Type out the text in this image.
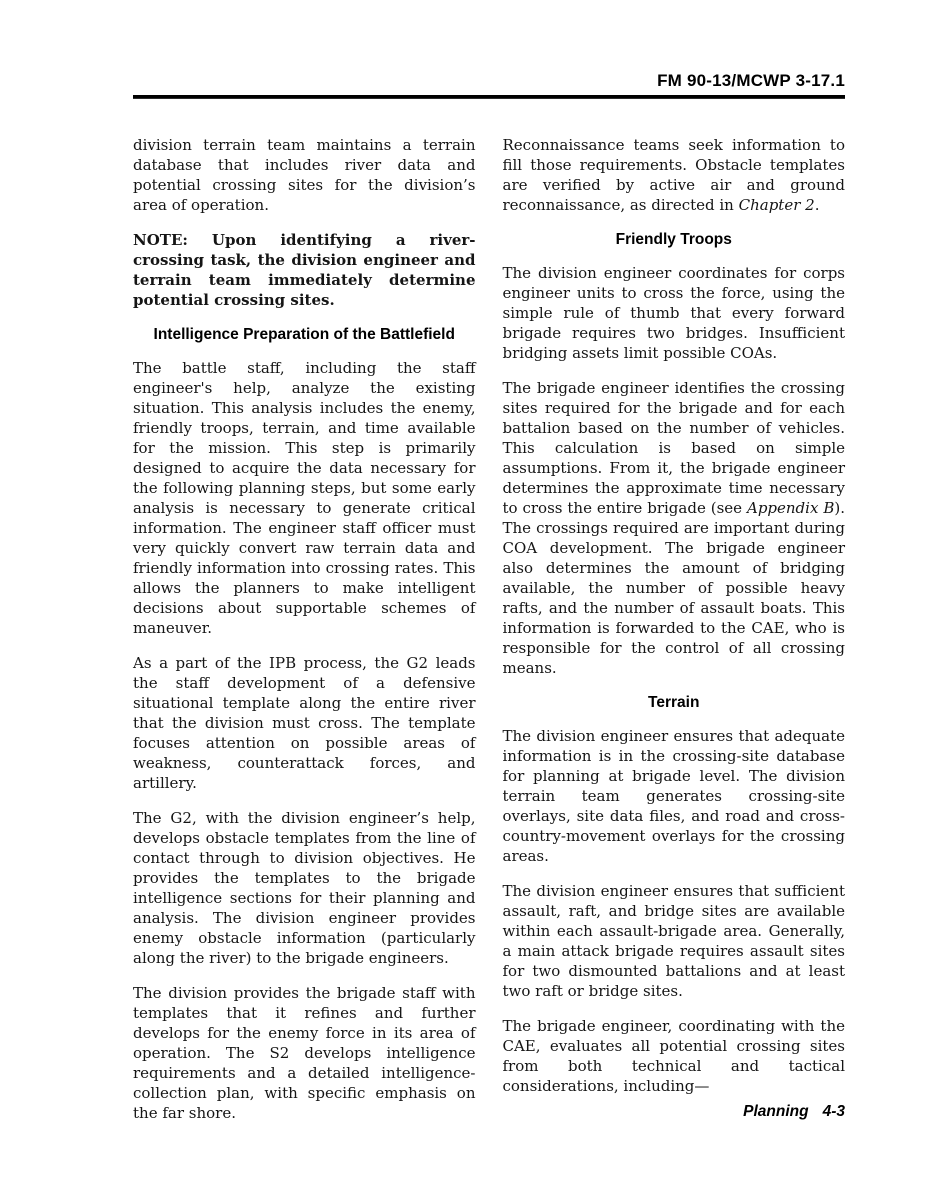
FM 90-13/MCWP 3-17.1

division terrain team maintains a terrain database that includes river data and potential crossing sites for the division’s area of operation.

NOTE: Upon identifying a river-crossing task, the division engineer and terrain team immediately determine potential crossing sites.

Intelligence Preparation of the Battlefield

The battle staff, including the staff engineer's help, analyze the existing situation. This analysis includes the enemy, friendly troops, terrain, and time available for the mission. This step is primarily designed to acquire the data necessary for the following planning steps, but some early analysis is necessary to generate critical information. The engineer staff officer must very quickly convert raw terrain data and friendly information into crossing rates. This allows the planners to make intelligent decisions about supportable schemes of maneuver.

As a part of the IPB process, the G2 leads the staff development of a defensive situational template along the entire river that the division must cross. The template focuses attention on possible areas of weakness, counterattack forces, and artillery.

The G2, with the division engineer’s help, develops obstacle templates from the line of contact through to division objectives. He provides the templates to the brigade intelligence sections for their planning and analysis. The division engineer provides enemy obstacle information (particularly along the river) to the brigade engineers.

The division provides the brigade staff with templates that it refines and further develops for the enemy force in its area of operation. The S2 develops intelligence requirements and a detailed intelligence-collection plan, with specific emphasis on the far shore.

Reconnaissance teams seek information to fill those requirements. Obstacle templates are verified by active air and ground reconnaissance, as directed in Chapter 2.

Friendly Troops

The division engineer coordinates for corps engineer units to cross the force, using the simple rule of thumb that every forward brigade requires two bridges. Insufficient bridging assets limit possible COAs.

The brigade engineer identifies the crossing sites required for the brigade and for each battalion based on the number of vehicles. This calculation is based on simple assumptions. From it, the brigade engineer determines the approximate time necessary to cross the entire brigade (see Appendix B). The crossings required are important during COA development. The brigade engineer also determines the amount of bridging available, the number of possible heavy rafts, and the number of assault boats. This information is forwarded to the CAE, who is responsible for the control of all crossing means.

Terrain

The division engineer ensures that adequate information is in the crossing-site database for planning at brigade level. The division terrain team generates crossing-site overlays, site data files, and road and cross-country-movement overlays for the crossing areas.

The division engineer ensures that sufficient assault, raft, and bridge sites are available within each assault-brigade area. Generally, a main attack brigade requires assault sites for two dismounted battalions and at least two raft or bridge sites.

The brigade engineer, coordinating with the CAE, evaluates all potential crossing sites from both technical and tactical considerations, including—

Planning 4-3
